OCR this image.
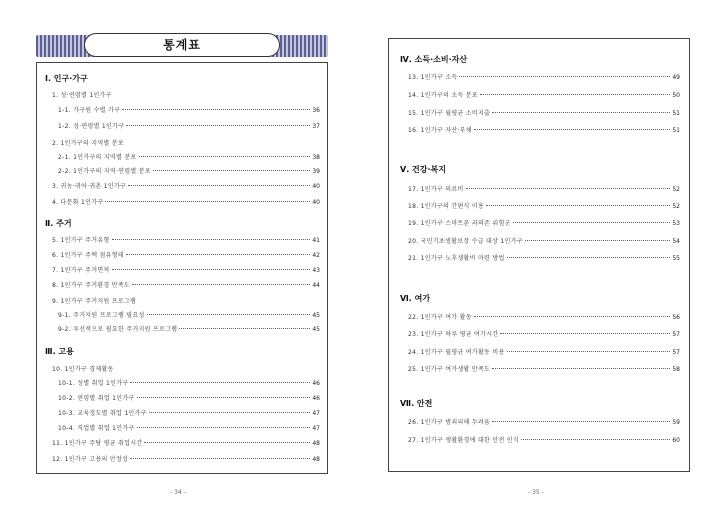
통계표
Ⅰ. 인구·가구
1. 성·연령별 1인가구
1-1. 가구원 수별 가구	36
1-2. 성·연령별 1인가구	37
2. 1인가구의 지역별 분포
2-1. 1인가구의 지역별 분포	38
2-2. 1인가구의 지역·연령별 분포	39
3. 귀농·귀어·귀촌 1인가구	40
4. 다문화 1인가구	40
Ⅱ. 주거
5. 1인가구 주거유형	41
6. 1인가구 주택 점유형태	42
7. 1인가구 주거면적	43
8. 1인가구 주거환경 만족도	44
9. 1인가구 주거지원 프로그램
9-1. 주거지원 프로그램 필요성	45
9-2. 우선적으로 필요한 주거지원 프로그램	45
Ⅲ. 고용
10. 1인가구 경제활동
10-1. 성별 취업 1인가구	46
10-2. 연령별 취업 1인가구	46
10-3. 교육정도별 취업 1인가구	47
10-4. 직업별 취업 1인가구	47
11. 1인가구 주당 평균 취업시간	48
12. 1인가구 고용의 안정성	48
- 34 -
Ⅳ. 소득·소비·자산
13. 1인가구 소득	49
14. 1인가구의 소득 분포	50
15. 1인가구 월평균 소비지출	51
16. 1인가구 자산·부채	51
Ⅴ. 건강·복지
17. 1인가구 의료비	52
18. 1인가구의 간편식 이용	52
19. 1인가구 스마트폰 과의존 위험군	53
20. 국민기초생활보장 수급 대상 1인가구	54
21. 1인가구 노후생활비 마련 방법	55
Ⅵ. 여가
22. 1인가구 여가 활동	56
23. 1인가구 하루 평균 여가시간	57
24. 1인가구 월평균 여가활동 비용	57
25. 1인가구 여가생활 만족도	58
Ⅶ. 안전
26. 1인가구 범죄피해 두려움	59
27. 1인가구 생활환경에 대한 안전 인식	60
- 35 -
